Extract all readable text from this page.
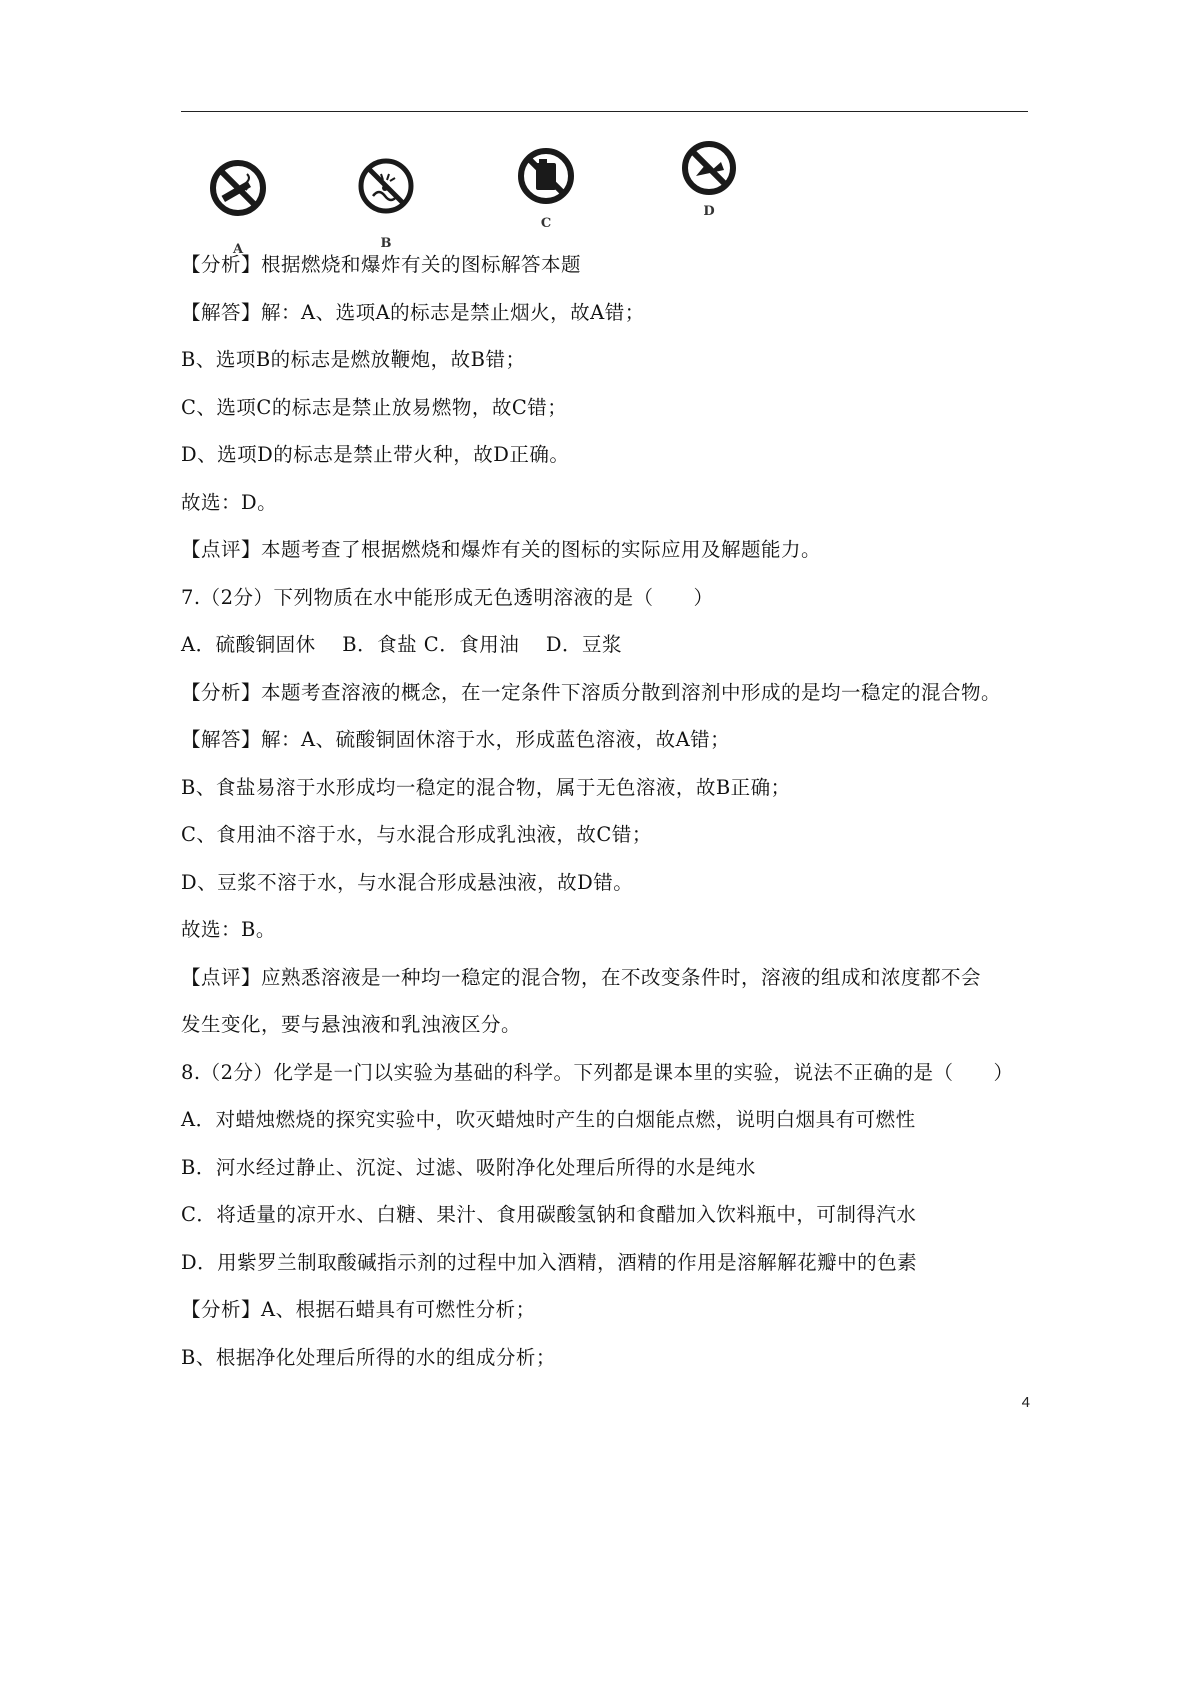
A	B
C
D
【分析】根据燃烧和爆炸有关的图标解答本题
【解答】解：A、选项A的标志是禁止烟火，故A错；
B、选项B的标志是燃放鞭炮，故B错；
C、选项C的标志是禁止放易燃物，故C错；
D、选项D的标志是禁止带火种，故D正确。
故选：D。
【点评】本题考查了根据燃烧和爆炸有关的图标的实际应用及解题能力。
7.（2分）下列物质在水中能形成无色透明溶液的是（　　）
A．硫酸铜固休　 B．食盐 C．食用油　 D．豆浆
【分析】本题考查溶液的概念，在一定条件下溶质分散到溶剂中形成的是均一稳定的混合物。
【解答】解：A、硫酸铜固休溶于水，形成蓝色溶液，故A错；
B、食盐易溶于水形成均一稳定的混合物，属于无色溶液，故B正确；
C、食用油不溶于水，与水混合形成乳浊液，故C错；
D、豆浆不溶于水，与水混合形成悬浊液，故D错。
故选：B。
【点评】应熟悉溶液是一种均一稳定的混合物，在不改变条件时，溶液的组成和浓度都不会
发生变化，要与悬浊液和乳浊液区分。
8.（2分）化学是一门以实验为基础的科学。下列都是课本里的实验，说法不正确的是（　　）
A．对蜡烛燃烧的探究实验中，吹灭蜡烛时产生的白烟能点燃，说明白烟具有可燃性
B．河水经过静止、沉淀、过滤、吸附净化处理后所得的水是纯水
C．将适量的凉开水、白糖、果汁、食用碳酸氢钠和食醋加入饮料瓶中，可制得汽水
D．用紫罗兰制取酸碱指示剂的过程中加入酒精，酒精的作用是溶解解花瓣中的色素
【分析】A、根据石蜡具有可燃性分析；
B、根据净化处理后所得的水的组成分析；
4
